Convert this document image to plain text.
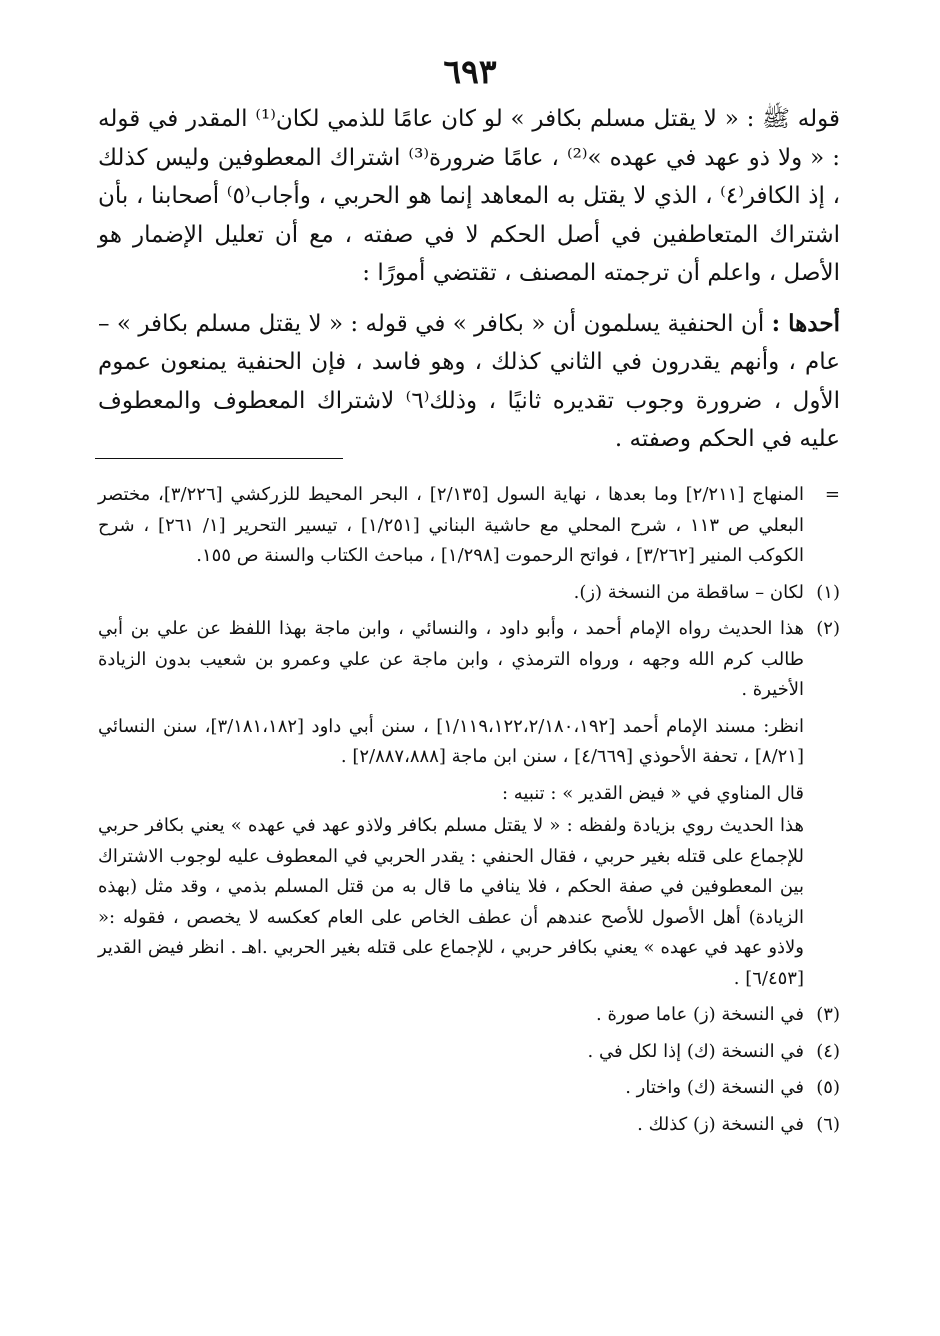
٦٩٣

قوله ﷺ : « لا يقتل مسلم بكافر » لو كان عامًا للذمي لكان⁽¹⁾ المقدر في قوله : « ولا ذو عهد في عهده »⁽²⁾ ، عامًا ضرورة⁽³⁾ اشتراك المعطوفين وليس كذلك ، إذ الكافر⁽٤⁾ ، الذي لا يقتل به المعاهد إنما هو الحربي ، وأجاب⁽٥⁾ أصحابنا ، بأن اشتراك المتعاطفين في أصل الحكم لا في صفته ، مع أن تعليل الإضمار هو الأصل ، واعلم أن ترجمته المصنف ، تقتضي أمورًا :

أحدها : أن الحنفية يسلمون أن « بكافر » في قوله : « لا يقتل مسلم بكافر » – عام ، وأنهم يقدرون في الثاني كذلك ، وهو فاسد ، فإن الحنفية يمنعون عموم الأول ، ضرورة وجوب تقديره ثانيًا ، وذلك⁽٦⁾ لاشتراك المعطوف والمعطوف عليه في الحكم وصفته .

=
المنهاج [٢/٢١١] وما بعدها ، نهاية السول [٢/١٣٥] ، البحر المحيط للزركشي [٣/٢٢٦]، مختصر البعلي ص ١١٣ ، شرح المحلي مع حاشية البناني [١/٢٥١] ، تيسير التحرير [١/ ٢٦١] ، شرح الكوكب المنير [٣/٢٦٢] ، فواتح الرحموت [١/٢٩٨] ، مباحث الكتاب والسنة ص ١٥٥.
(١)
لكان – ساقطة من النسخة (ز).
(٢)
هذا الحديث رواه الإمام أحمد ، وأبو داود ، والنسائي ، وابن ماجة بهذا اللفظ عن علي بن أبي طالب كرم الله وجهه ، ورواه الترمذي ، وابن ماجة عن علي وعمرو بن شعيب بدون الزيادة الأخيرة .
انظر: مسند الإمام أحمد [١/١١٩،١٢٢،٢/١٨٠،١٩٢] ، سنن أبي داود [٣/١٨١،١٨٢]، سنن النسائي [٨/٢١] ، تحفة الأحوذي [٤/٦٦٩] ، سنن ابن ماجة [٢/٨٨٧،٨٨٨] .
قال المناوي في « فيض القدير » : تنبيه :
هذا الحديث روي بزيادة ولفظه : « لا يقتل مسلم بكافر ولاذو عهد في عهده » يعني بكافر حربي للإجماع على قتله بغير حربي ، فقال الحنفي : يقدر الحربي في المعطوف عليه لوجوب الاشتراك بين المعطوفين في صفة الحكم ، فلا ينافي ما قال به من قتل المسلم بذمي ، وقد مثل (بهذه الزيادة) أهل الأصول للأصح عندهم أن عطف الخاص على العام كعكسه لا يخصص ، فقوله :« ولاذو عهد في عهده » يعني بكافر حربي ، للإجماع على قتله بغير الحربي .اهـ . انظر فيض القدير [٦/٤٥٣] .
(٣)
في النسخة (ز) عاما صورة .
(٤)
في النسخة (ك) إذا لكل في .
(٥)
في النسخة (ك) واختار .
(٦)
في النسخة (ز) كذلك .
